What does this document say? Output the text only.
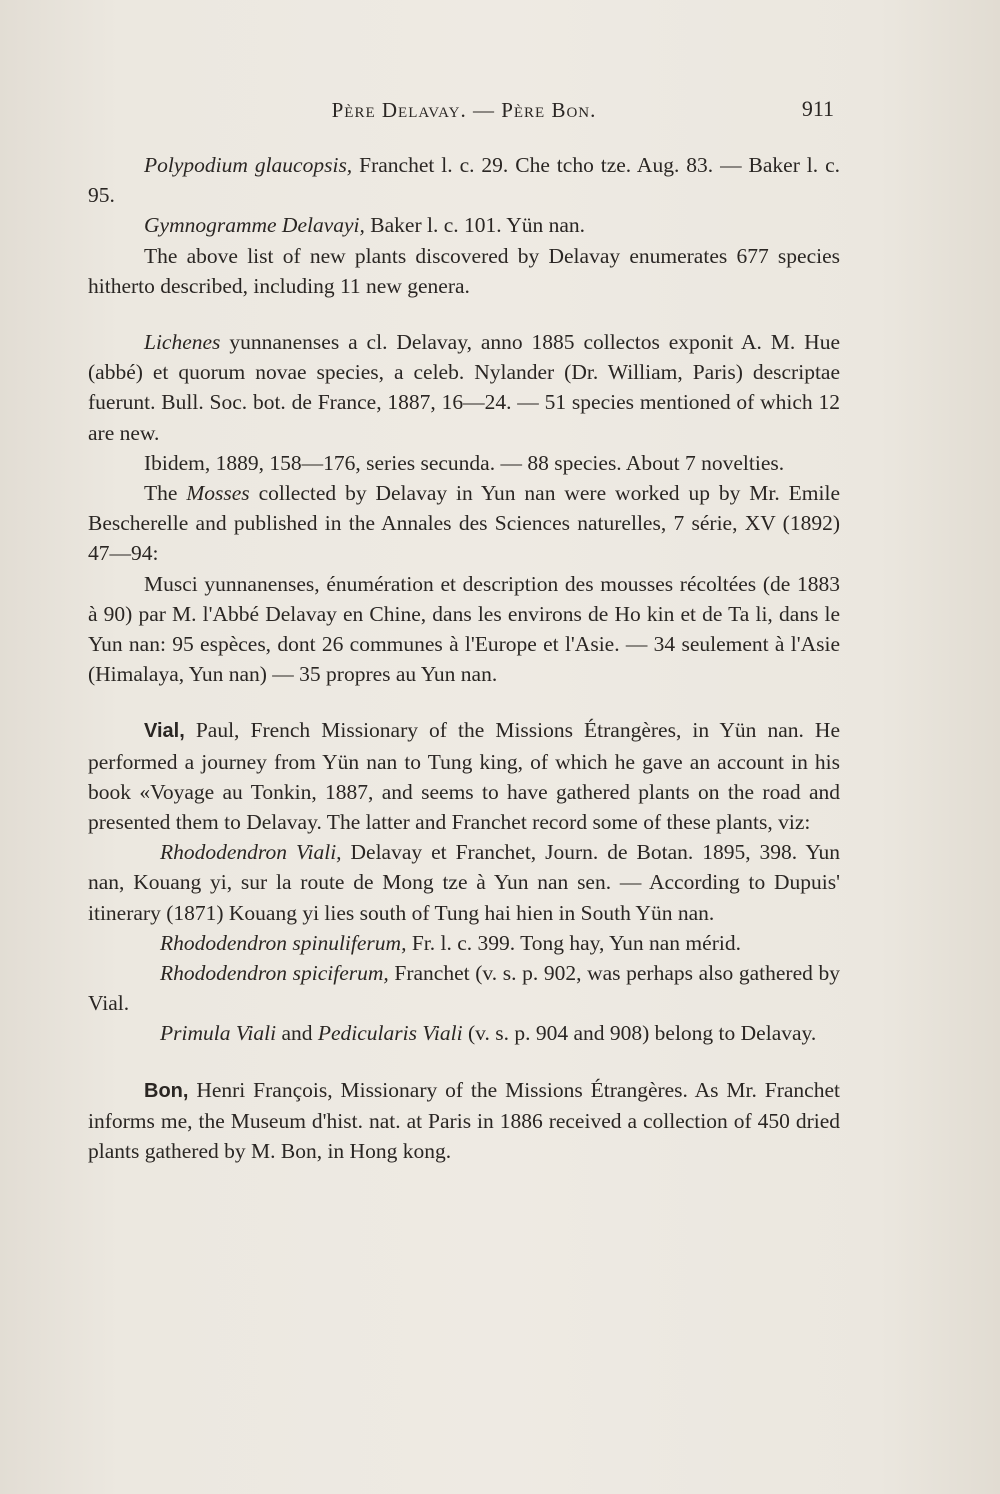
Père Delavay. — Père Bon.	911

Polypodium glaucopsis, Franchet l. c. 29. Che tcho tze. Aug. 83. — Baker l. c. 95.

Gymnogramme Delavayi, Baker l. c. 101. Yün nan.

The above list of new plants discovered by Delavay enumerates 677 species hitherto described, including 11 new genera.

Lichenes yunnanenses a cl. Delavay, anno 1885 collectos exponit A. M. Hue (abbé) et quorum novae species, a celeb. Nylander (Dr. William, Paris) descriptae fuerunt. Bull. Soc. bot. de France, 1887, 16—24. — 51 species mentioned of which 12 are new.

Ibidem, 1889, 158—176, series secunda. — 88 species. About 7 novelties.

The Mosses collected by Delavay in Yun nan were worked up by Mr. Emile Bescherelle and published in the Annales des Sciences naturelles, 7 série, XV (1892) 47—94:

Musci yunnanenses, énumération et description des mousses récoltées (de 1883 à 90) par M. l'Abbé Delavay en Chine, dans les environs de Ho kin et de Ta li, dans le Yun nan: 95 espèces, dont 26 communes à l'Europe et l'Asie. — 34 seulement à l'Asie (Himalaya, Yun nan) — 35 propres au Yun nan.

Vial, Paul, French Missionary of the Missions Étrangères, in Yün nan. He performed a journey from Yün nan to Tung king, of which he gave an account in his book «Voyage au Tonkin, 1887, and seems to have gathered plants on the road and presented them to Delavay. The latter and Franchet record some of these plants, viz:

Rhododendron Viali, Delavay et Franchet, Journ. de Botan. 1895, 398. Yun nan, Kouang yi, sur la route de Mong tze à Yun nan sen. — According to Dupuis' itinerary (1871) Kouang yi lies south of Tung hai hien in South Yün nan.

Rhododendron spinuliferum, Fr. l. c. 399. Tong hay, Yun nan mérid.

Rhododendron spiciferum, Franchet (v. s. p. 902, was perhaps also gathered by Vial.

Primula Viali and Pedicularis Viali (v. s. p. 904 and 908) belong to Delavay.

Bon, Henri François, Missionary of the Missions Étrangères. As Mr. Franchet informs me, the Museum d'hist. nat. at Paris in 1886 received a collection of 450 dried plants gathered by M. Bon, in Hong kong.
